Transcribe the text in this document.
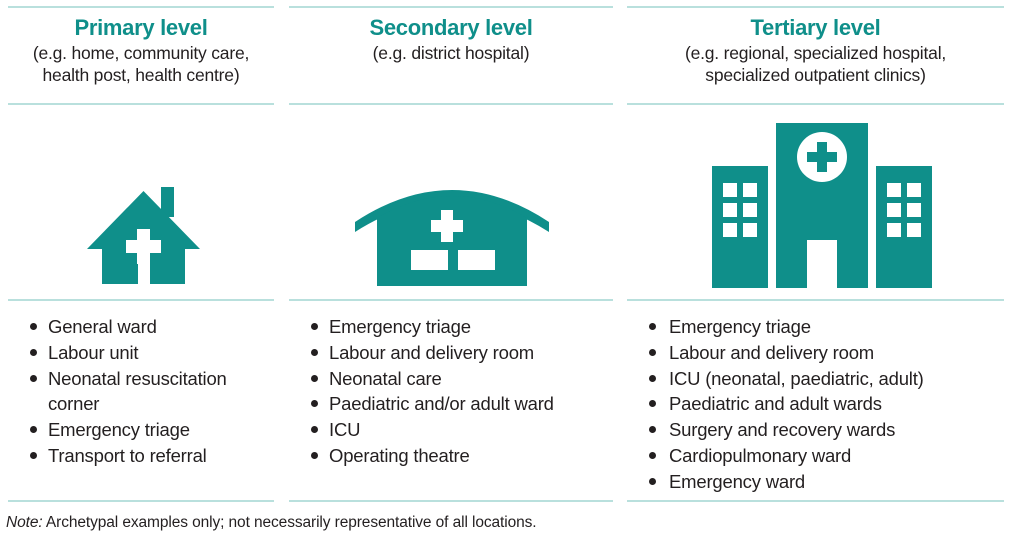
Primary level
(e.g. home, community care,
health post, health centre)
General ward
Labour unit
Neonatal resuscitation corner
Emergency triage
Transport to referral
Secondary level
(e.g. district hospital)
Emergency triage
Labour and delivery room
Neonatal care
Paediatric and/or adult ward
ICU
Operating theatre
Tertiary level
(e.g. regional, specialized hospital,
specialized outpatient clinics)
Emergency triage
Labour and delivery room
ICU (neonatal, paediatric, adult)
Paediatric and adult wards
Surgery and recovery wards
Cardiopulmonary ward
Emergency ward
Note: Archetypal examples only; not necessarily representative of all locations.
